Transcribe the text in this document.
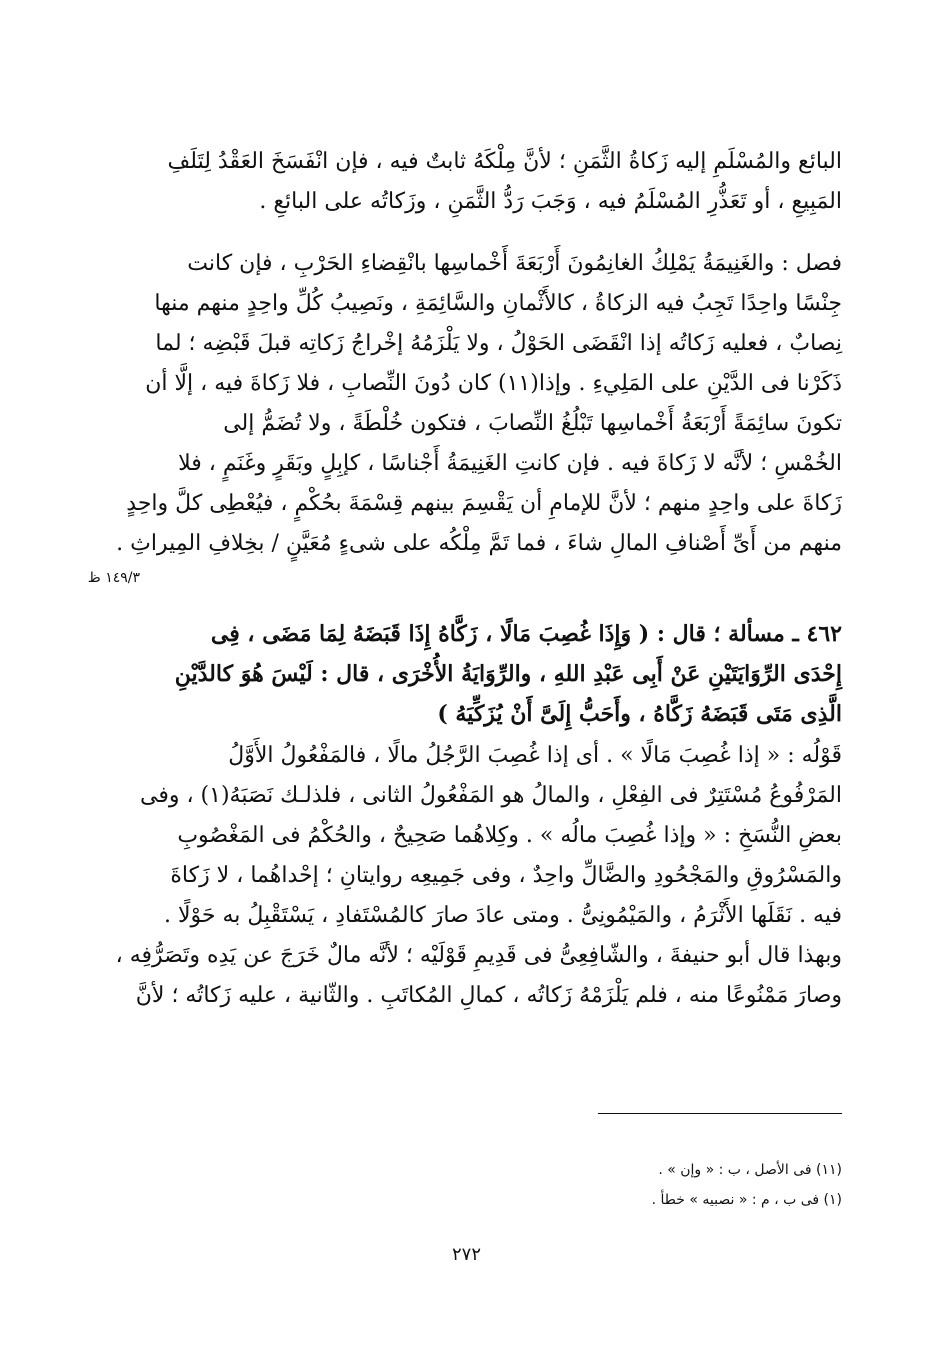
البائع والمُسْلَمِ إليه زَكاةُ الثَّمَنِ ؛ لأنَّ مِلْكَهُ ثابتٌ فيه ، فإن انْفَسَخَ العَقْدُ لِتَلَفِ
المَبِيعِ ، أو تَعَذُّرِ المُسْلَمُ فيه ، وَجَبَ رَدُّ الثَّمَنِ ، وزَكاتُه على البائعِ .
فصل : والغَنِيمَةُ يَمْلِكُ الغانِمُونَ أَرْبَعَةَ أَخْماسِها بانْقِضاءِ الحَرْبِ ، فإن كانت
جِنْسًا واحِدًا تَجِبُ فيه الزكاةُ ، كالأَثْمانِ والسَّائِمَةِ ، ونَصِيبُ كُلِّ واحِدٍ منهم منها
نِصابٌ ، فعليه زَكاتُه إذا انْقَضَى الحَوْلُ ، ولا يَلْزَمُهُ إخْراجُ زَكاتِه قبلَ قَبْضِه ؛ لما
ذَكَرْنا فى الدَّيْنِ على المَلِيءِ . وإذا(١١) كان دُونَ النِّصابِ ، فلا زَكاةَ فيه ، إلَّا أن
تكونَ سائِمَةً أَرْبَعَةُ أَخْماسِها تَبْلُغُ النِّصابَ ، فتكون خُلْطَةً ، ولا تُضَمُّ إلى
الخُمْسِ ؛ لأنَّه لا زَكاةَ فيه . فإن كانتِ الغَنِيمَةُ أَجْناسًا ، كإبِلٍ وبَقَرٍ وغَنَمٍ ، فلا
زَكاةَ على واحِدٍ منهم ؛ لأنَّ للإمامِ أن يَقْسِمَ بينهم قِسْمَةَ بحُكْمٍ ، فيُعْطِى كلَّ واحِدٍ
منهم من أَىِّ أَصْنافِ المالِ شاءَ ، فما تَمَّ مِلْكُه على شىءٍ مُعَيَّنٍ / بخِلافِ المِيراثِ .
١٤٩/٣ ظ
٤٦٢ ـ مسألة ؛ قال : ( وَإِذَا غُصِبَ مَالًا ، زَكَّاهُ إِذَا قَبَضَهُ لِمَا مَضَى ، فِى
إِحْدَى الرِّوَايَتَيْنِ عَنْ أَبِى عَبْدِ اللهِ ، والرِّوَايَةُ الأُخْرَى ، قال : لَيْسَ هُوَ كالدَّيْنِ
الَّذِى مَتَى قَبَضَهُ زَكَّاهُ ، وأَحَبُّ إِلَىَّ أَنْ يُزَكِّيَهُ )
قَوْلُه : « إذا غُصِبَ مَالًا » . أى إذا غُصِبَ الرَّجُلُ مالًا ، فالمَفْعُولُ الأَوَّلُ
المَرْفُوعُ مُسْتَتِرٌ فى الفِعْلِ ، والمالُ هو المَفْعُولُ الثانى ، فلذلـك نَصَبَهُ(١) ، وفى
بعضِ النُّسَخِ : « وإذا غُصِبَ مالُه » . وكِلاهُما صَحِيحٌ ، والحُكْمُ فى المَغْصُوبِ
والمَسْرُوقِ والمَجْحُودِ والضَّالِّ واحِدٌ ، وفى جَمِيعِه روايتانِ ؛ إحْداهُما ، لا زَكاةَ
فيه . نَقَلَها الأَثْرَمُ ، والمَيْمُونِىُّ . ومتى عادَ صارَ كالمُسْتَفادِ ، يَسْتَقْبِلُ به حَوْلًا .
وبهذا قال أبو حنيفةَ ، والشّافِعِىُّ فى قَدِيمِ قَوْلَيْه ؛ لأنَّه مالٌ خَرَجَ عن يَدِه وتَصَرُّفِه ،
وصارَ مَمْنُوعًا منه ، فلم يَلْزَمْهُ زَكاتُه ، كمالِ المُكاتَبِ . والثّانية ، عليه زَكاتُه ؛ لأنَّ
(١١) فى الأصل ، ب : « وإن » .
(١) فى ب ، م : « نصبيه » خطأ .
٢٧٢
